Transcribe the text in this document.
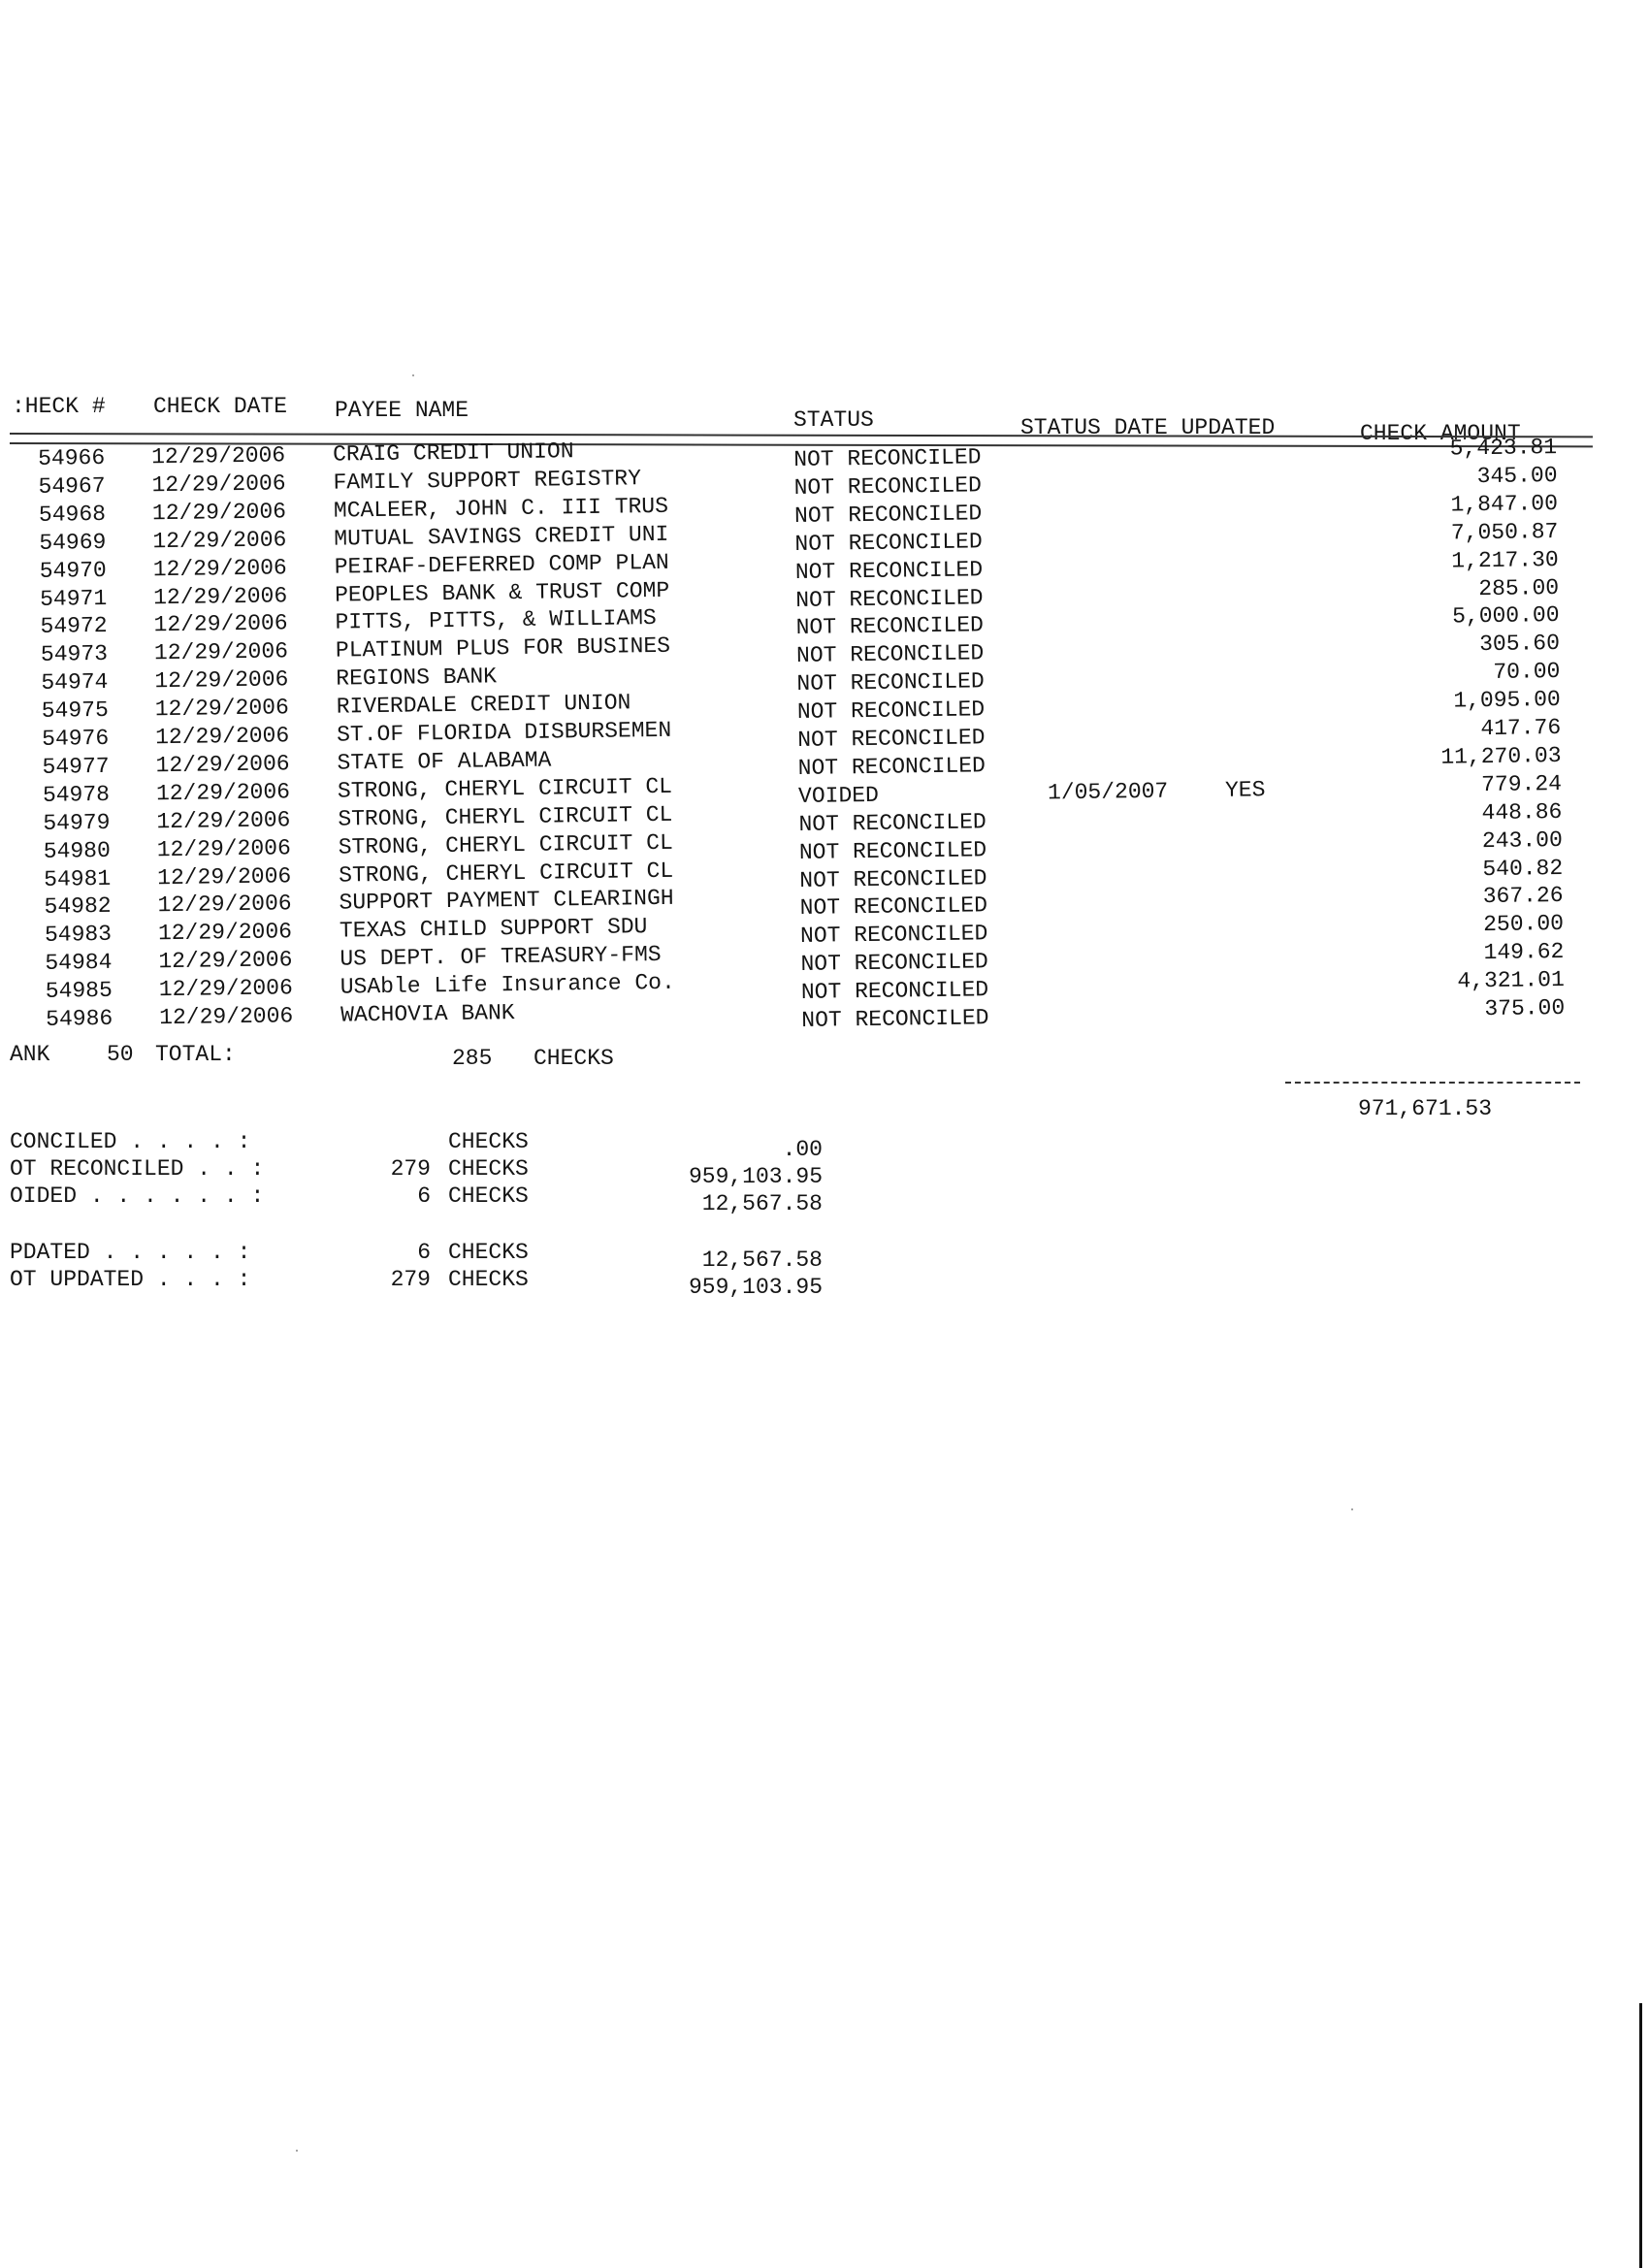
:HECK # CHECK DATE PAYEE NAME	STATUS	STATUS DATE UPDATED	CHECK AMOUNT
54966 12/29/2006 CRAIG CREDIT UNION	NOT RECONCILED	5,423.81
54967 12/29/2006 FAMILY SUPPORT REGISTRY	NOT RECONCILED	345.00
54968 12/29/2006 MCALEER, JOHN C. III TRUS	NOT RECONCILED	1,847.00
54969 12/29/2006 MUTUAL SAVINGS CREDIT UNI	NOT RECONCILED	7,050.87
54970 12/29/2006 PEIRAF-DEFERRED COMP PLAN	NOT RECONCILED	1,217.30
54971 12/29/2006 PEOPLES BANK & TRUST COMP	NOT RECONCILED	285.00
54972 12/29/2006 PITTS, PITTS, & WILLIAMS	NOT RECONCILED	5,000.00
54973 12/29/2006 PLATINUM PLUS FOR BUSINES	NOT RECONCILED	305.60
54974 12/29/2006 REGIONS BANK	NOT RECONCILED	70.00
54975 12/29/2006 RIVERDALE CREDIT UNION	NOT RECONCILED	1,095.00
54976 12/29/2006 ST.OF FLORIDA DISBURSEMEN	NOT RECONCILED	417.76
54977 12/29/2006 STATE OF ALABAMA	NOT RECONCILED	11,270.03
54978 12/29/2006 STRONG, CHERYL CIRCUIT CL	VOIDED	1/05/2007	YES	779.24
54979 12/29/2006 STRONG, CHERYL CIRCUIT CL	NOT RECONCILED	448.86
54980 12/29/2006 STRONG, CHERYL CIRCUIT CL	NOT RECONCILED	243.00
54981 12/29/2006 STRONG, CHERYL CIRCUIT CL	NOT RECONCILED	540.82
54982 12/29/2006 SUPPORT PAYMENT CLEARINGH	NOT RECONCILED	367.26
54983 12/29/2006 TEXAS CHILD SUPPORT SDU	NOT RECONCILED	250.00
54984 12/29/2006 US DEPT. OF TREASURY-FMS	NOT RECONCILED	149.62
54985 12/29/2006 USAble Life Insurance Co.	NOT RECONCILED	4,321.01
54986 12/29/2006 WACHOVIA BANK	NOT RECONCILED	375.00
ANK	50 TOTAL:	285 CHECKS
971,671.53
CONCILED . . . . :	CHECKS	.00
OT RECONCILED . . :	279 CHECKS	959,103.95
OIDED . . . . . . :	6 CHECKS	12,567.58
PDATED . . . . . :	6 CHECKS	12,567.58
OT UPDATED . . . :	279 CHECKS	959,103.95
